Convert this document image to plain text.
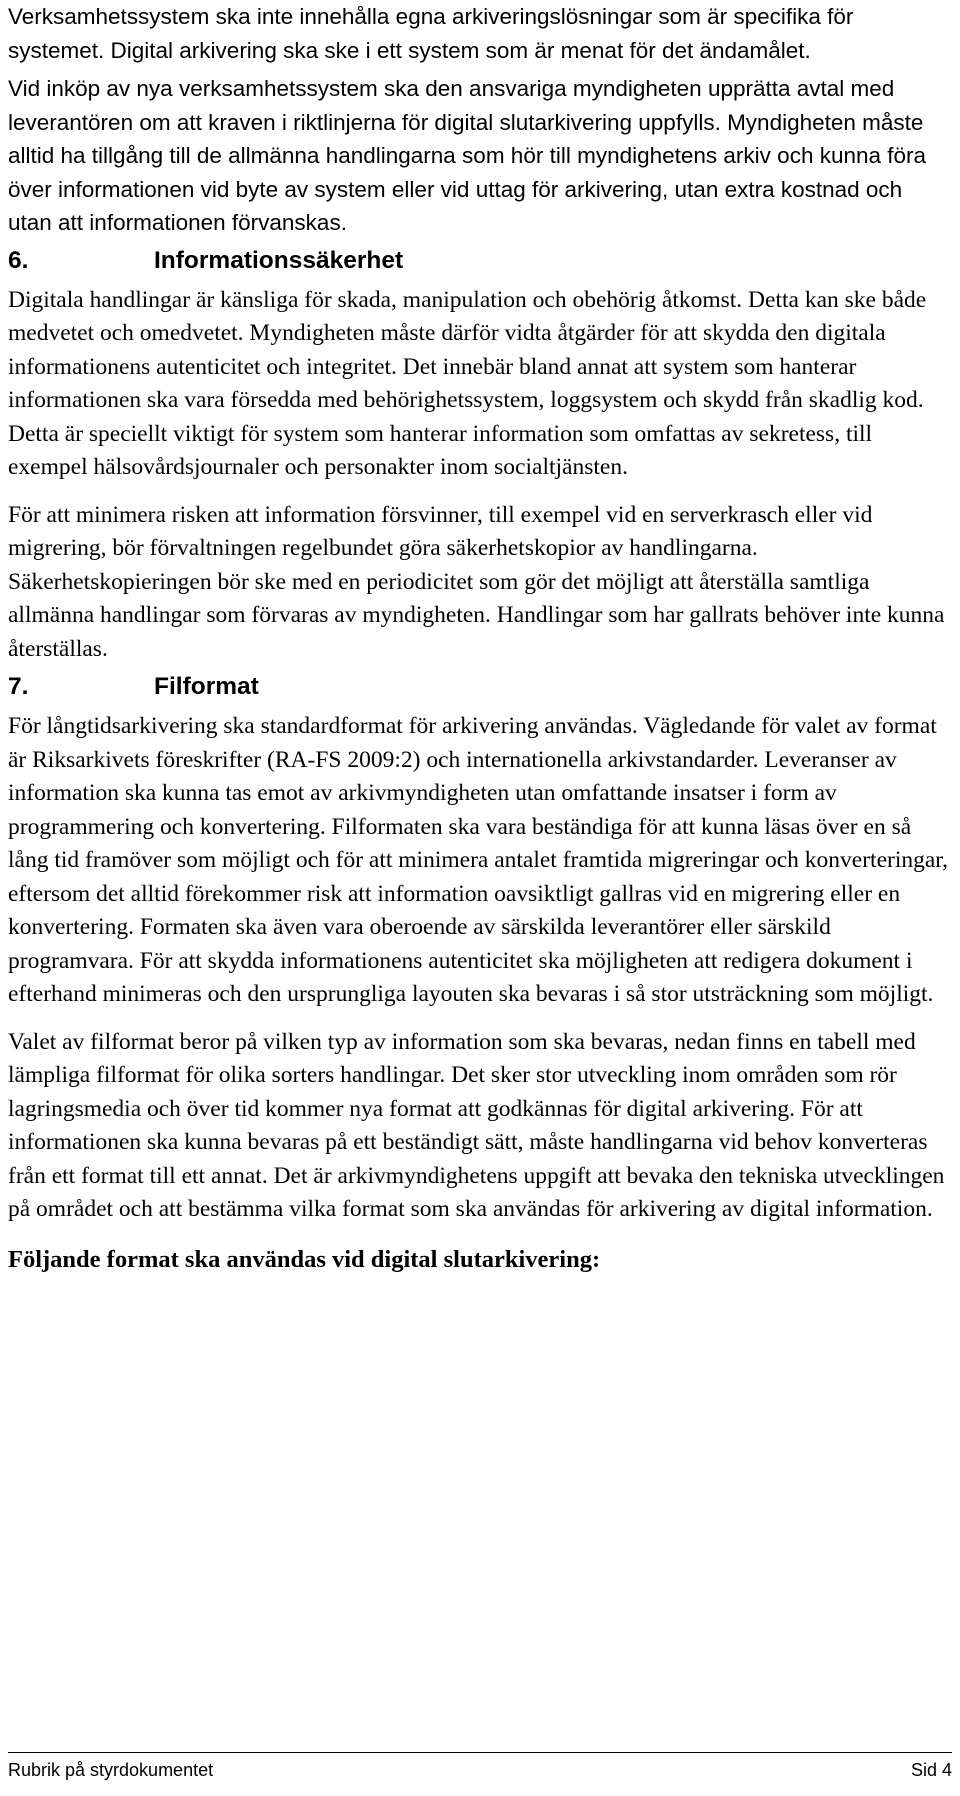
Verksamhetssystem ska inte innehålla egna arkiveringslösningar som är specifika för systemet. Digital arkivering ska ske i ett system som är menat för det ändamålet.

Vid inköp av nya verksamhetssystem ska den ansvariga myndigheten upprätta avtal med leverantören om att kraven i riktlinjerna för digital slutarkivering uppfylls. Myndigheten måste alltid ha tillgång till de allmänna handlingarna som hör till myndighetens arkiv och kunna föra över informationen vid byte av system eller vid uttag för arkivering, utan extra kostnad och utan att informationen förvanskas.

6.	Informationssäkerhet

Digitala handlingar är känsliga för skada, manipulation och obehörig åtkomst. Detta kan ske både medvetet och omedvetet. Myndigheten måste därför vidta åtgärder för att skydda den digitala informationens autenticitet och integritet. Det innebär bland annat att system som hanterar informationen ska vara försedda med behörighetssystem, loggsystem och skydd från skadlig kod. Detta är speciellt viktigt för system som hanterar information som omfattas av sekretess, till exempel hälsovårdsjournaler och personakter inom socialtjänsten.

För att minimera risken att information försvinner, till exempel vid en serverkrasch eller vid migrering, bör förvaltningen regelbundet göra säkerhetskopior av handlingarna. Säkerhetskopieringen bör ske med en periodicitet som gör det möjligt att återställa samtliga allmänna handlingar som förvaras av myndigheten. Handlingar som har gallrats behöver inte kunna återställas.

7.	Filformat

För långtidsarkivering ska standardformat för arkivering användas. Vägledande för valet av format är Riksarkivets föreskrifter (RA-FS 2009:2) och internationella arkivstandarder. Leveranser av information ska kunna tas emot av arkivmyndigheten utan omfattande insatser i form av programmering och konvertering. Filformaten ska vara beständiga för att kunna läsas över en så lång tid framöver som möjligt och för att minimera antalet framtida migreringar och konverteringar, eftersom det alltid förekommer risk att information oavsiktligt gallras vid en migrering eller en konvertering. Formaten ska även vara oberoende av särskilda leverantörer eller särskild programvara. För att skydda informationens autenticitet ska möjligheten att redigera dokument i efterhand minimeras och den ursprungliga layouten ska bevaras i så stor utsträckning som möjligt.

Valet av filformat beror på vilken typ av information som ska bevaras, nedan finns en tabell med lämpliga filformat för olika sorters handlingar. Det sker stor utveckling inom områden som rör lagringsmedia och över tid kommer nya format att godkännas för digital arkivering. För att informationen ska kunna bevaras på ett beständigt sätt, måste handlingarna vid behov konverteras från ett format till ett annat. Det är arkivmyndighetens uppgift att bevaka den tekniska utvecklingen på området och att bestämma vilka format som ska användas för arkivering av digital information.

Följande format ska användas vid digital slutarkivering:

Rubrik på styrdokumentet	Sid 4
